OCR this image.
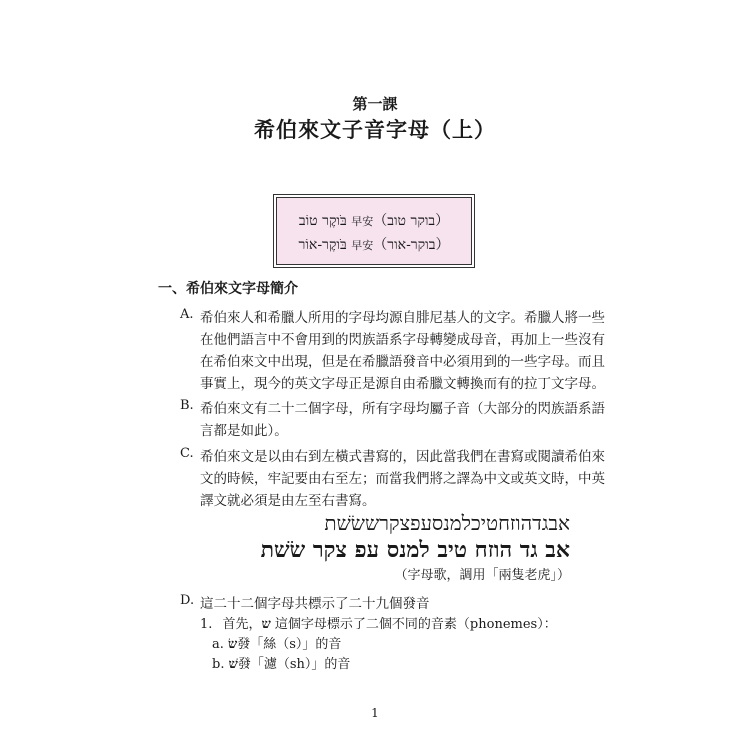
第一課
希伯來文子音字母（上）
בֹּוקֶר טוֹב 早安（בוקר טוב）
בֹּוקֶר-אוֹר 早安（בוקר-אור）
一、希伯來文字母簡介
A. 希伯來人和希臘人所用的字母均源自腓尼基人的文字。希臘人將一些
在他們語言中不會用到的閃族語系字母轉變成母音，再加上一些沒有
在希伯來文中出現，但是在希臘語發音中必須用到的一些字母。而且
事實上，現今的英文字母正是源自由希臘文轉換而有的拉丁文字母。
B. 希伯來文有二十二個字母，所有字母均屬子音（大部分的閃族語系語
言都是如此）。
C. 希伯來文是以由右到左橫式書寫的，因此當我們在書寫或閱讀希伯來
文的時候，牢記要由右至左；而當我們將之譯為中文或英文時，中英
譯文就必須是由左至右書寫。
אבגדהוזחטיכלמנסעפצקרששׂשׁת
אב גד הוזח טיב למנס עפ צקר שׂשׁת
（字母歌，調用「兩隻老虎」）
D. 這二十二個字母共標示了二十九個發音
1. 首先，ש 這個字母標示了二個不同的音素（phonemes）：
a. שׂ發「絲（s）」的音
b. שׁ發「濾（sh）」的音
1
